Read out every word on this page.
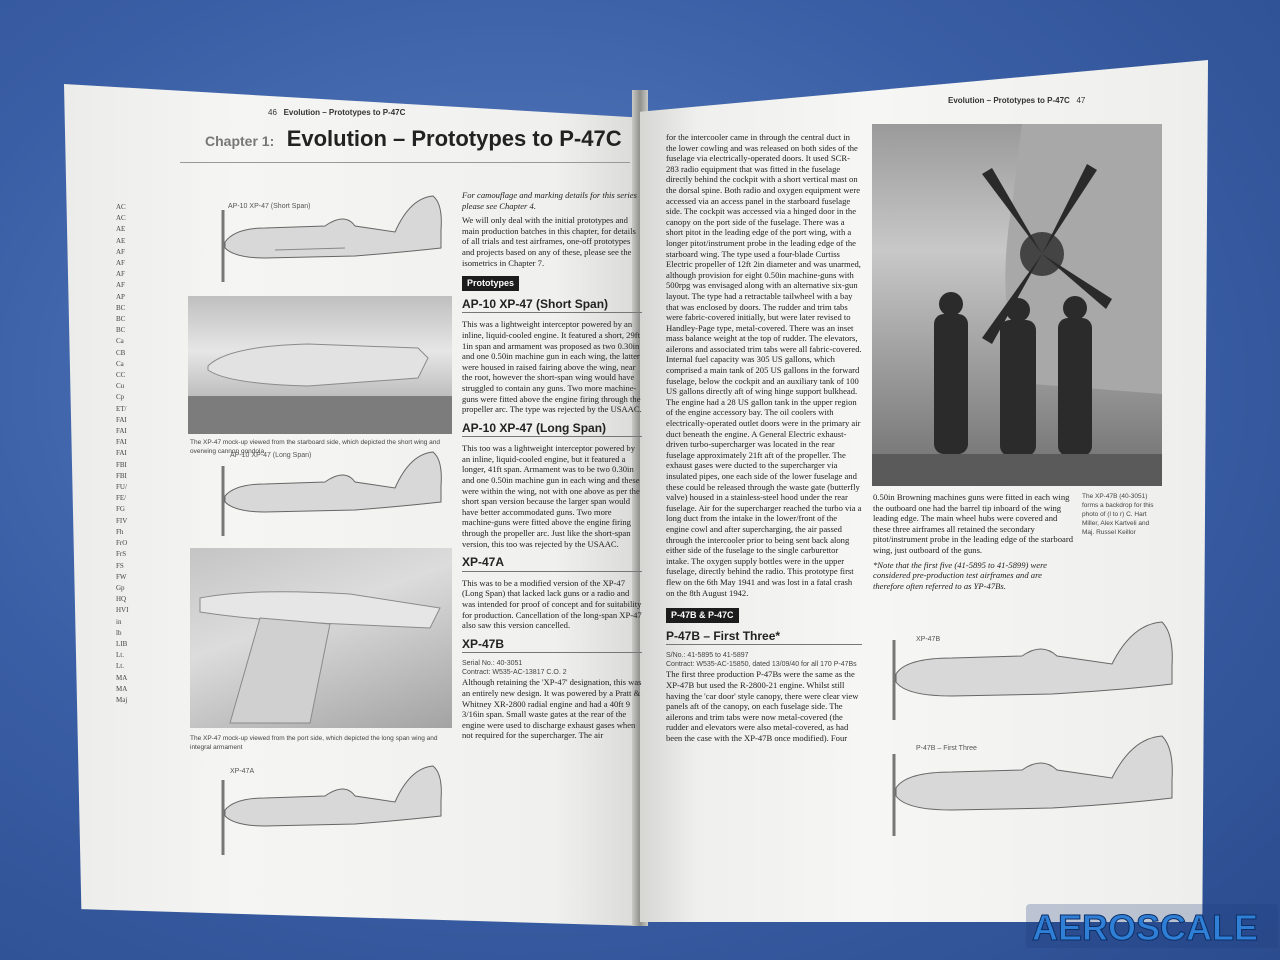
46 Evolution – Prototypes to P-47C
Chapter 1: Evolution – Prototypes to P-47C
AC
AC
AE
AE
AF
AF
AF
AF
AP
BC
BC
BC
Ca
CB
Ca
CC
Cu
Cp
ET/
FAI
FAI
FAI
FAI
FBI
FBI
FU/
FE/
FG
FIV
Fh
FrO
FrS
FS
FW
Gp
HQ
HVI
in
lb
LIB
Lt.
Lt.
MA
MA
Maj
AP-10 XP-47 (Short Span)
The XP-47 mock-up viewed from the starboard side, which depicted the short wing and overwing cannon gondola
AP-10 XP-47 (Long Span)
The XP-47 mock-up viewed from the port side, which depicted the long span wing and integral armament
XP-47A

For camouflage and marking details for this series please see Chapter 4.

We will only deal with the initial prototypes and main production batches in this chapter, for details of all trials and test airframes, one-off prototypes and projects based on any of these, please see the isometrics in Chapter 7.

Prototypes
AP-10 XP-47 (Short Span)

This was a lightweight interceptor powered by an inline, liquid-cooled engine. It featured a short, 29ft 1in span and armament was proposed as two 0.30in and one 0.50in machine gun in each wing, the latter were housed in raised fairing above the wing, near the root, however the short-span wing would have struggled to contain any guns. Two more machine-guns were fitted above the engine firing through the propeller arc. The type was rejected by the USAAC.

AP-10 XP-47 (Long Span)

This too was a lightweight interceptor powered by an inline, liquid-cooled engine, but it featured a longer, 41ft span. Armament was to be two 0.30in and one 0.50in machine gun in each wing and these were within the wing, not with one above as per the short span version because the larger span would have better accommodated guns. Two more machine-guns were fitted above the engine firing through the propeller arc. Just like the short-span version, this too was rejected by the USAAC.

XP-47A

This was to be a modified version of the XP-47 (Long Span) that lacked lack guns or a radio and was intended for proof of concept and for suitability for production. Cancellation of the long-span XP-47 also saw this version cancelled.

XP-47B
Serial No.: 40-3051
Contract: W535-AC-13817 C.O. 2

Although retaining the 'XP-47' designation, this was an entirely new design. It was powered by a Pratt & Whitney XR-2800 radial engine and had a 40ft 9 3/16in span. Small waste gates at the rear of the engine were used to discharge exhaust gases when not required for the supercharger. The air

Evolution – Prototypes to P-47C 47

for the intercooler came in through the central duct in the lower cowling and was released on both sides of the fuselage via electrically-operated doors. It used SCR-283 radio equipment that was fitted in the fuselage directly behind the cockpit with a short vertical mast on the dorsal spine. Both radio and oxygen equipment were accessed via an access panel in the starboard fuselage side. The cockpit was accessed via a hinged door in the canopy on the port side of the fuselage. There was a short pitot in the leading edge of the port wing, with a longer pitot/instrument probe in the leading edge of the starboard wing. The type used a four-blade Curtiss Electric propeller of 12ft 2in diameter and was unarmed, although provision for eight 0.50in machine-guns with 500rpg was envisaged along with an alternative six-gun layout. The type had a retractable tailwheel with a bay that was enclosed by doors. The rudder and trim tabs were fabric-covered initially, but were later revised to Handley-Page type, metal-covered. There was an inset mass balance weight at the top of rudder. The elevators, ailerons and associated trim tabs were all fabric-covered. Internal fuel capacity was 305 US gallons, which comprised a main tank of 205 US gallons in the forward fuselage, below the cockpit and an auxiliary tank of 100 US gallons directly aft of wing hinge support bulkhead. The engine had a 28 US gallon tank in the upper region of the engine accessory bay. The oil coolers with electrically-operated outlet doors were in the primary air duct beneath the engine. A General Electric exhaust-driven turbo-supercharger was located in the rear fuselage approximately 21ft aft of the propeller. The exhaust gases were ducted to the supercharger via insulated pipes, one each side of the lower fuselage and these could be released through the waste gate (butterfly valve) housed in a stainless-steel hood under the rear fuselage. Air for the supercharger reached the turbo via a long duct from the intake in the lower/front of the engine cowl and after supercharging, the air passed through the intercooler prior to being sent back along either side of the fuselage to the single carburettor intake. The oxygen supply bottles were in the upper fuselage, directly behind the radio. This prototype first flew on the 6th May 1941 and was lost in a fatal crash on the 8th August 1942.

P-47B & P-47C
P-47B – First Three*
S/No.: 41-5895 to 41-5897
Contract: W535-AC-15850, dated 13/09/40 for all 170 P-47Bs

The first three production P-47Bs were the same as the XP-47B but used the R-2800-21 engine. Whilst still having the 'car door' style canopy, there were clear view panels aft of the canopy, on each fuselage side. The ailerons and trim tabs were now metal-covered (the rudder and elevators were also metal-covered, as had been the case with the XP-47B once modified). Four

0.50in Browning machines guns were fitted in each wing the outboard one had the barrel tip inboard of the wing leading edge. The main wheel hubs were covered and these three airframes all retained the secondary pitot/instrument probe in the leading edge of the starboard wing, just outboard of the guns.

*Note that the first five (41-5895 to 41-5899) were considered pre-production test airframes and are therefore often referred to as YP-47Bs.

The XP-47B (40-3051) forms a backdrop for this photo of (l to r) C. Hart Miller, Alex Kartveli and Maj. Russel Keillor
XP-47B
P-47B – First Three
AEROSCALE
